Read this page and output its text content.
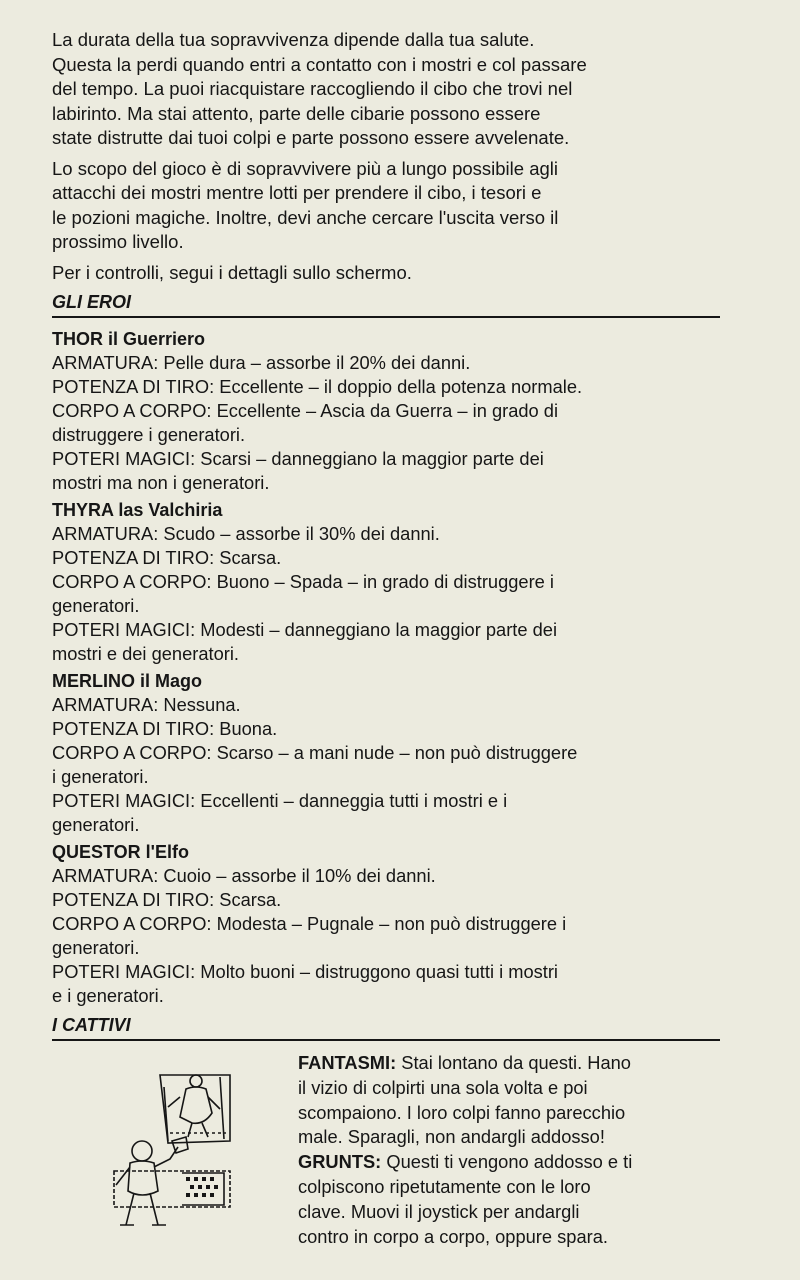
La durata della tua sopravvivenza dipende dalla tua salute.
Questa la perdi quando entri a contatto con i mostri e col passare
del tempo. La puoi riacquistare raccogliendo il cibo che trovi nel
labirinto. Ma stai attento, parte delle cibarie possono essere
state distrutte dai tuoi colpi e parte possono essere avvelenate.

Lo scopo del gioco è di sopravvivere più a lungo possibile agli
attacchi dei mostri mentre lotti per prendere il cibo, i tesori e
le pozioni magiche. Inoltre, devi anche cercare l'uscita verso il
prossimo livello.

Per i controlli, segui i dettagli sullo schermo.

GLI EROI

THOR il Guerriero

ARMATURA: Pelle dura – assorbe il 20% dei danni.

POTENZA DI TIRO: Eccellente – il doppio della potenza normale.

CORPO A CORPO: Eccellente – Ascia da Guerra – in grado di

distruggere i generatori.

POTERI MAGICI: Scarsi – danneggiano la maggior parte dei

mostri ma non i generatori.

THYRA las Valchiria

ARMATURA: Scudo – assorbe il 30% dei danni.

POTENZA DI TIRO: Scarsa.

CORPO A CORPO: Buono – Spada – in grado di distruggere i

generatori.

POTERI MAGICI: Modesti – danneggiano la maggior parte dei

mostri e dei generatori.

MERLINO il Mago

ARMATURA: Nessuna.

POTENZA DI TIRO: Buona.

CORPO A CORPO: Scarso – a mani nude – non può distruggere

i generatori.

POTERI MAGICI: Eccellenti – danneggia tutti i mostri e i

generatori.

QUESTOR l'Elfo

ARMATURA: Cuoio – assorbe il 10% dei danni.

POTENZA DI TIRO: Scarsa.

CORPO A CORPO: Modesta – Pugnale – non può distruggere i

generatori.

POTERI MAGICI: Molto buoni – distruggono quasi tutti i mostri

e i generatori.

I CATTIVI

FANTASMI: Stai lontano da questi. Hano

il vizio di colpirti una sola volta e poi

scompaiono. I loro colpi fanno parecchio

male. Sparagli, non andargli addosso!

GRUNTS: Questi ti vengono addosso e ti

colpiscono ripetutamente con le loro

clave. Muovi il joystick per andargli

contro in corpo a corpo, oppure spara.
